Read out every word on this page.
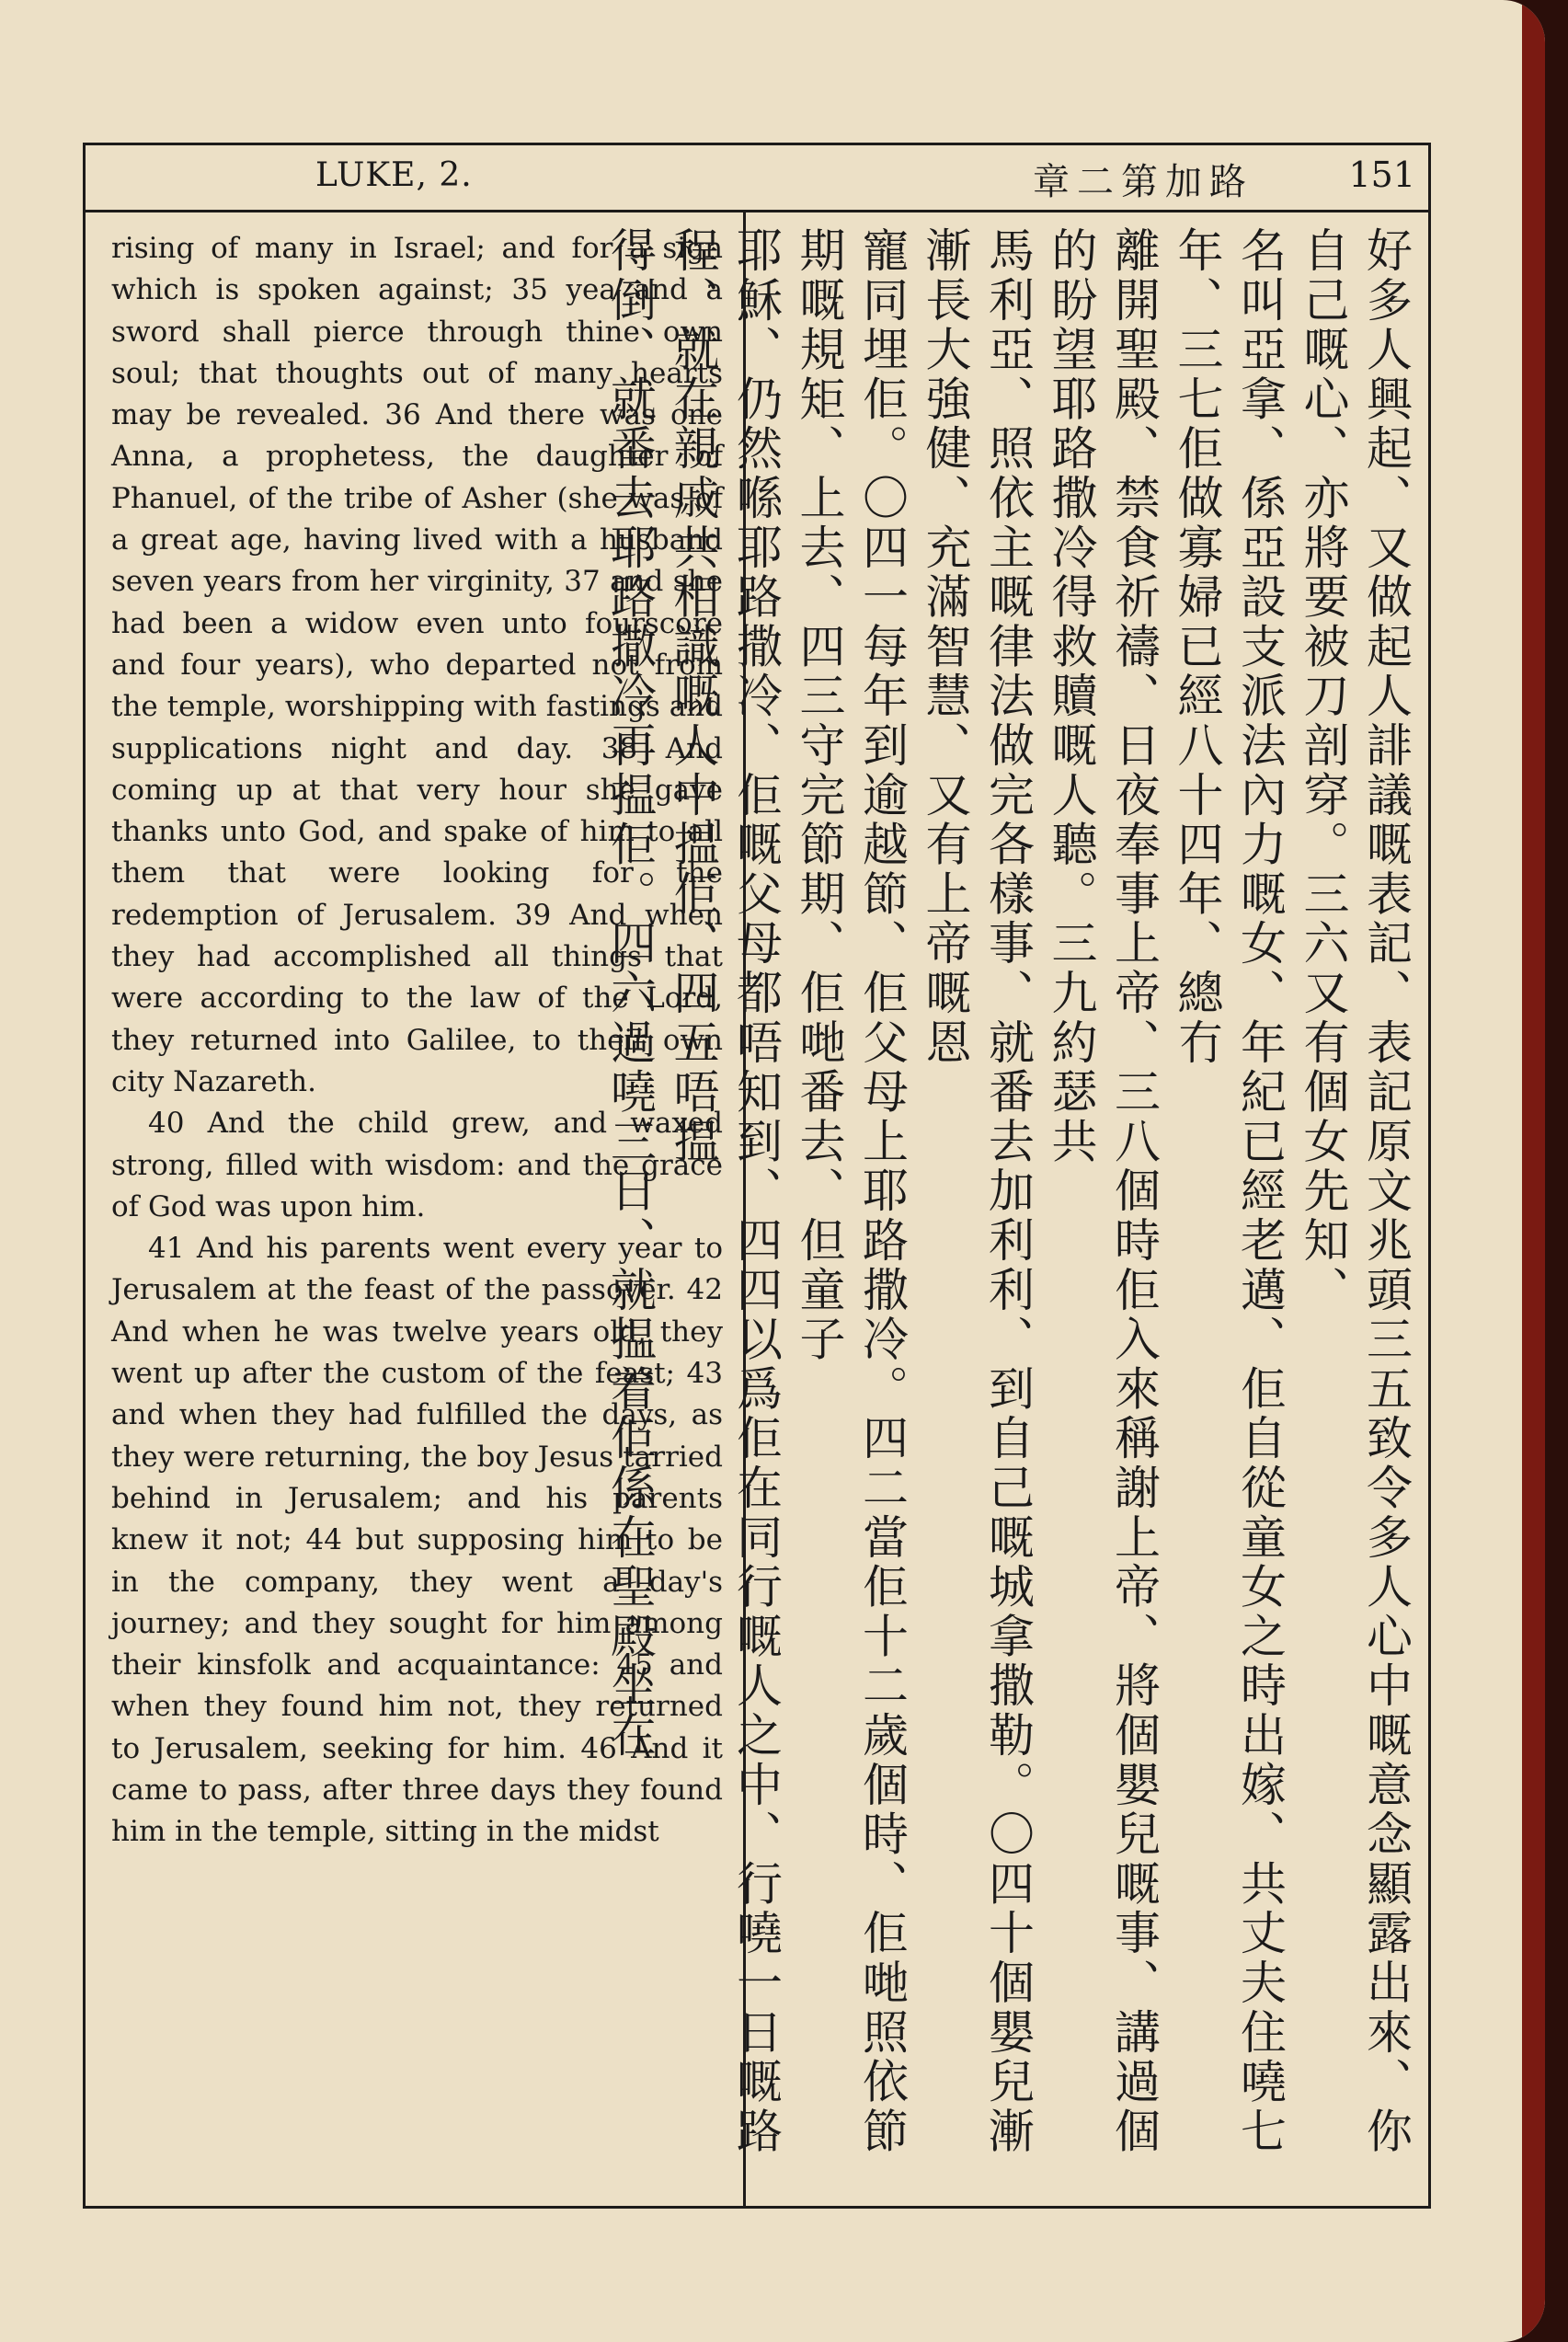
LUKE, 2.	章二第加路	151

rising of many in Israel; and for a sign which is spoken against; 35 yea and a sword shall pierce through thine own soul; that thoughts out of many hearts may be revealed. 36 And there was one Anna, a prophetess, the daughter of Phanuel, of the tribe of Asher (she was of a great age, having lived with a husband seven years from her virginity, 37 and she had been a widow even unto fourscore and four years), who departed not from the temple, worshipping with fastings and supplications night and day. 38 And coming up at that very hour she gave thanks unto God, and spake of him to all them that were looking for the redemption of Jerusalem. 39 And when they had accomplished all things that were according to the law of the Lord, they returned into Galilee, to their own city Nazareth.

40 And the child grew, and waxed strong, filled with wisdom: and the grace of God was upon him.

41 And his parents went every year to Jerusalem at the feast of the passover. 42 And when he was twelve years old, they went up after the custom of the feast; 43 and when they had fulfilled the days, as they were returning, the boy Jesus tarried behind in Jerusalem; and his parents knew it not; 44 but supposing him to be in the company, they went a day's journey; and they sought for him among their kinsfolk and acquaintance: 45 and when they found him not, they returned to Jerusalem, seeking for him. 46 And it came to pass, after three days they found him in the temple, sitting in the midst	好多人興起、又做起人誹議嘅表記、表記原文兆頭三五致令多人心中嘅意念顯露出來、你自己嘅心、亦將要被刀剖穿。三六又有個女先知、
名叫亞拿、係亞設支派法內力嘅女、年紀已經老邁、佢自從童女之時出嫁、共丈夫住嘵七年、三七佢做寡婦已經八十四年、總冇
離開聖殿、禁食祈禱、日夜奉事上帝、三八個時佢入來稱謝上帝、將個嬰兒嘅事、講過個的盼望耶路撒冷得救贖嘅人聽。三九約瑟共
馬利亞、照依主嘅律法做完各樣事、就番去加利利、到自己嘅城拿撒勒。〇四十個嬰兒漸漸長大強健、充滿智慧、又有上帝嘅恩
寵同埋佢。〇四一每年到逾越節、佢父母上耶路撒冷。四二當佢十二歲個時、佢哋照依節期嘅規矩、上去、四三守完節期、佢哋番去、但童子
耶穌、仍然喺耶路撒冷、佢嘅父母都唔知到、四四以爲佢在同行嘅人之中、行嘵一日嘅路程、就在親戚共相識嘅人中揾佢、四五唔揾
得倒、就番去耶路撒冷再揾佢。四六過嘵三日、就揾着佢係在聖殿坐在
